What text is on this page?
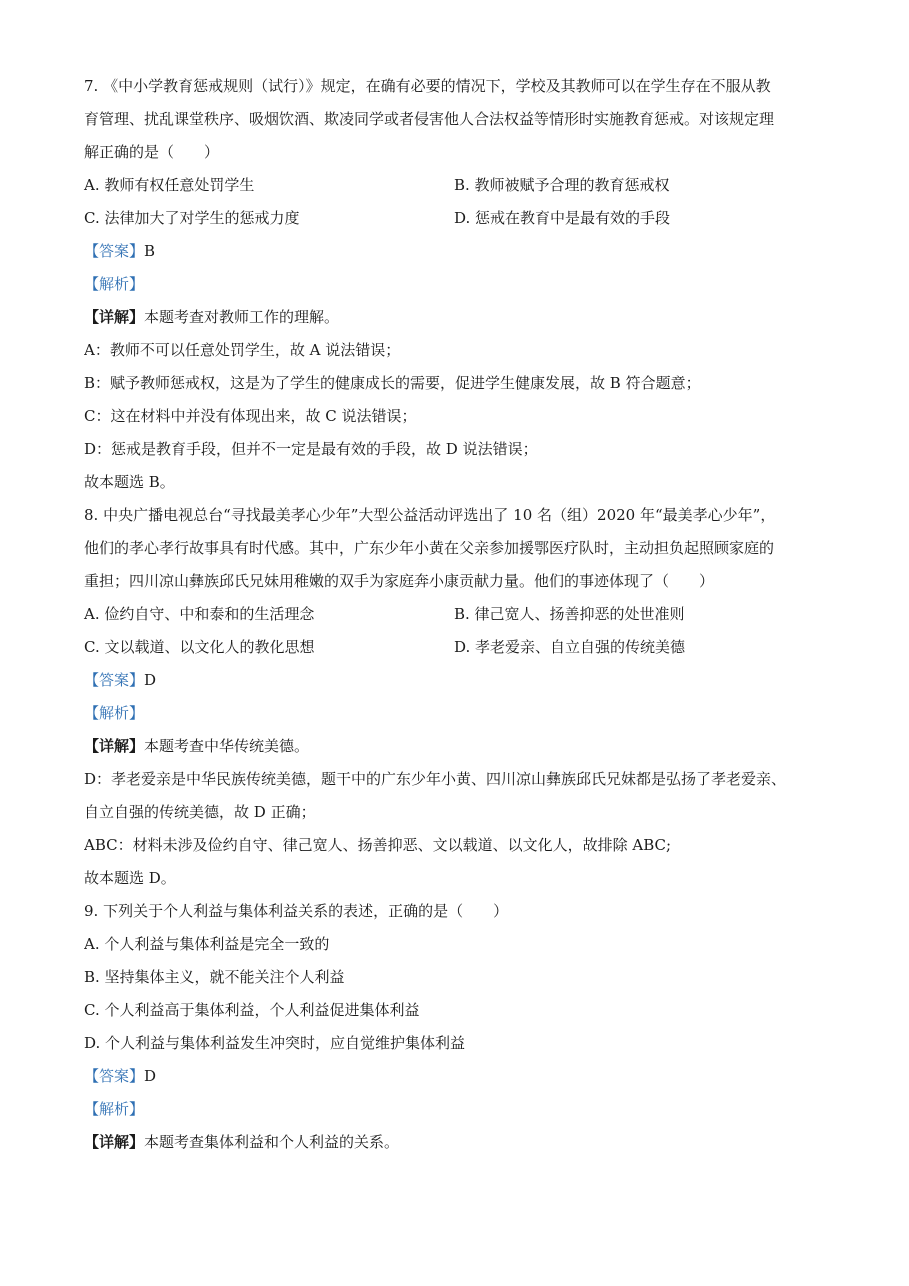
7. 《中小学教育惩戒规则（试行）》规定，在确有必要的情况下，学校及其教师可以在学生存在不服从教
育管理、扰乱课堂秩序、吸烟饮酒、欺凌同学或者侵害他人合法权益等情形时实施教育惩戒。对该规定理
解正确的是（　　）
A. 教师有权任意处罚学生	B. 教师被赋予合理的教育惩戒权
C. 法律加大了对学生的惩戒力度	D. 惩戒在教育中是最有效的手段
【答案】B
【解析】
【详解】本题考查对教师工作的理解。
A：教师不可以任意处罚学生，故 A 说法错误；
B：赋予教师惩戒权，这是为了学生的健康成长的需要，促进学生健康发展，故 B 符合题意；
C：这在材料中并没有体现出来，故 C 说法错误；
D：惩戒是教育手段，但并不一定是最有效的手段，故 D 说法错误；
故本题选 B。
8. 中央广播电视总台“寻找最美孝心少年”大型公益活动评选出了 10 名（组）2020 年“最美孝心少年”，
他们的孝心孝行故事具有时代感。其中，广东少年小黄在父亲参加援鄂医疗队时，主动担负起照顾家庭的
重担；四川凉山彝族邱氏兄妹用稚嫩的双手为家庭奔小康贡献力量。他们的事迹体现了（　　）
A. 俭约自守、中和泰和的生活理念	B. 律己宽人、扬善抑恶的处世准则
C. 文以载道、以文化人的教化思想	D. 孝老爱亲、自立自强的传统美德
【答案】D
【解析】
【详解】本题考查中华传统美德。
D：孝老爱亲是中华民族传统美德，题干中的广东少年小黄、四川凉山彝族邱氏兄妹都是弘扬了孝老爱亲、
自立自强的传统美德，故 D 正确；
ABC：材料未涉及俭约自守、律己宽人、扬善抑恶、文以载道、以文化人，故排除 ABC;
故本题选 D。
9. 下列关于个人利益与集体利益关系的表述，正确的是（　　）
A. 个人利益与集体利益是完全一致的
B. 坚持集体主义，就不能关注个人利益
C. 个人利益高于集体利益，个人利益促进集体利益
D. 个人利益与集体利益发生冲突时，应自觉维护集体利益
【答案】D
【解析】
【详解】本题考查集体利益和个人利益的关系。
